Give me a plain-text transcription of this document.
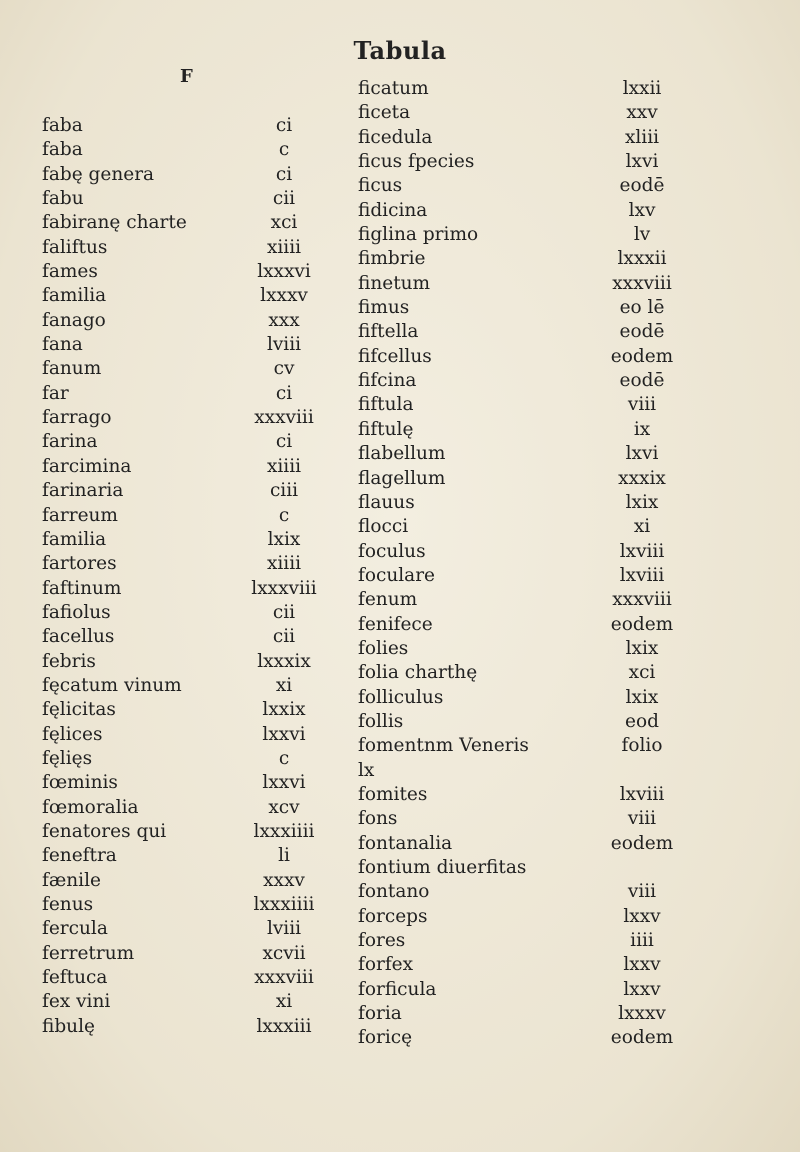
Tabula
F
faba	ci
faba	c
fabę genera	ci
fabu	cii
fabiranę charte	xci
faliftus	xiiii
fames	lxxxvi
familia	lxxxv
fanago	xxx
fana	lviii
fanum	cv
far	ci
farrago	xxxviii
farina	ci
farcimina	xiiii
farinaria	ciii
farreum	c
familia	lxix
fartores	xiiii
faftinum	lxxxviii
fafiolus	cii
facellus	cii
febris	lxxxix
fęcatum vinum	xi
fęlicitas	lxxix
fęlices	lxxvi
fęlięs	c
fœminis	lxxvi
fœmoralia	xcv
fenatores qui	lxxxiiii
feneftra	li
fænile	xxxv
fenus	lxxxiiii
fercula	lviii
ferretrum	xcvii
feftuca	xxxviii
fex vini	xi
fibulę	lxxxiii
ficatum	lxxii
ficeta	xxv
ficedula	xliii
ficus fpecies	lxvi
ficus	eodē
fidicina	lxv
figlina primo	lv
fimbrie	lxxxii
finetum	xxxviii
fimus	eo lē
fiftella	eodē
fifcellus	eodem
fifcina	eodē
fiftula	viii
fiftulę	ix
flabellum	lxvi
flagellum	xxxix
flauus	lxix
flocci	xi
foculus	lxviii
foculare	lxviii
fenum	xxxviii
fenifece	eodem
folies	lxix
folia charthę	xci
folliculus	lxix
follis	eod
fomentnm Veneris	folio
lx
fomites	lxviii
fons	viii
fontanalia	eodem
fontium diuerfitas
fontano	viii
forceps	lxxv
fores	iiii
forfex	lxxv
forficula	lxxv
foria	lxxxv
foricę	eodem
